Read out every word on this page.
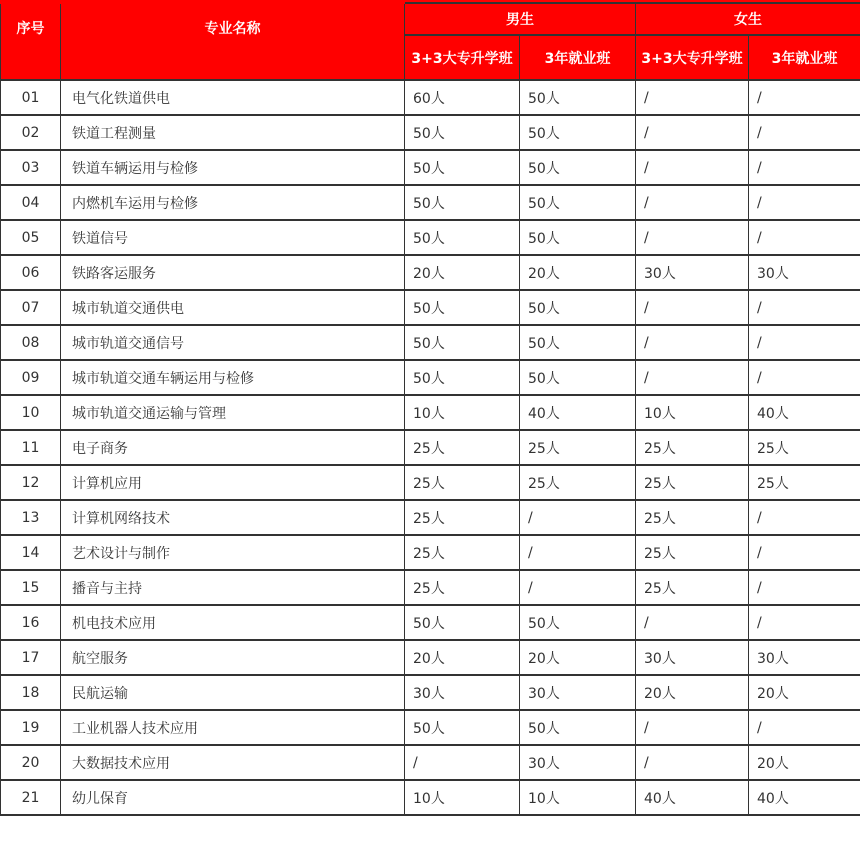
序号	专业名称	男生		女生	
		3+3大专升学班	3年就业班	3+3大专升学班	3年就业班
01	电气化铁道供电	60人	50人	/	/
02	铁道工程测量	50人	50人	/	/
03	铁道车辆运用与检修	50人	50人	/	/
04	内燃机车运用与检修	50人	50人	/	/
05	铁道信号	50人	50人	/	/
06	铁路客运服务	20人	20人	30人	30人
07	城市轨道交通供电	50人	50人	/	/
08	城市轨道交通信号	50人	50人	/	/
09	城市轨道交通车辆运用与检修	50人	50人	/	/
10	城市轨道交通运输与管理	10人	40人	10人	40人
11	电子商务	25人	25人	25人	25人
12	计算机应用	25人	25人	25人	25人
13	计算机网络技术	25人	/	25人	/
14	艺术设计与制作	25人	/	25人	/
15	播音与主持	25人	/	25人	/
16	机电技术应用	50人	50人	/	/
17	航空服务	20人	20人	30人	30人
18	民航运输	30人	30人	20人	20人
19	工业机器人技术应用	50人	50人	/	/
20	大数据技术应用	/	30人	/	20人
21	幼儿保育	10人	10人	40人	40人
